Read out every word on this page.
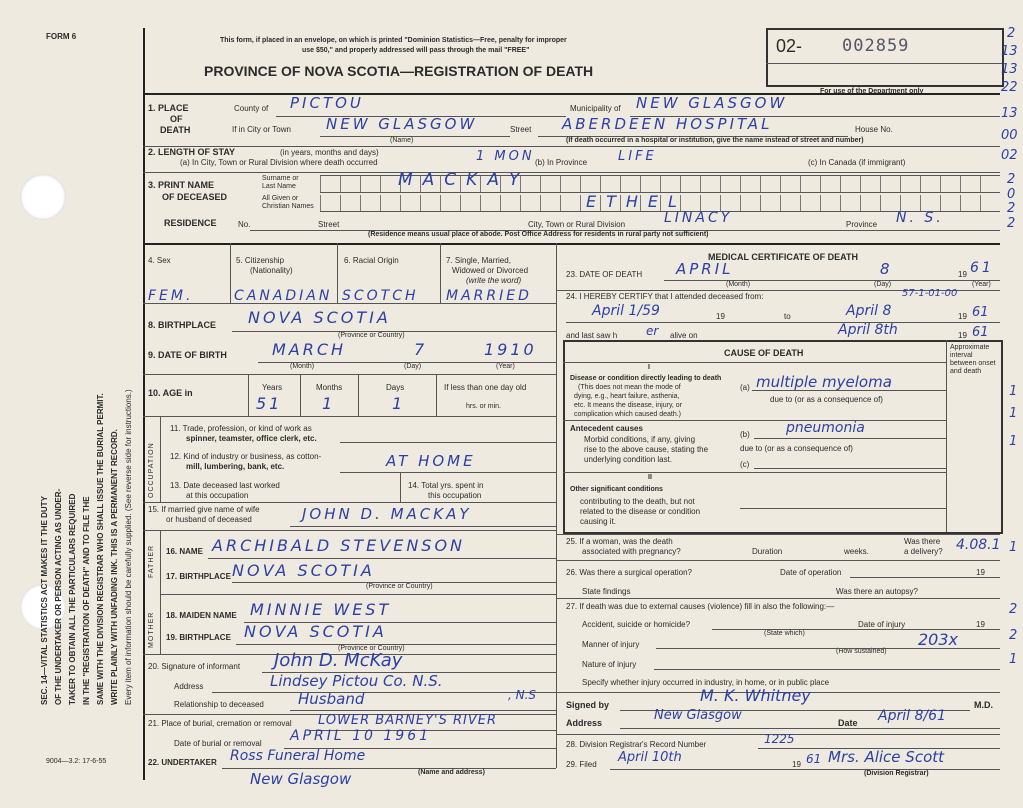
FORM 6	This form, if placed in an envelope, on which is printed "Dominion Statistics—Free, penalty for improper
use $50," and properly addressed will pass through the mail "FREE"
PROVINCE OF NOVA SCOTIA—REGISTRATION OF DEATH
02- 002859
For use of the Department only
2
13
13
22
13
00
02
2
0
2
2
1
1
1
1
2
2
1
SEC. 14—VITAL STATISTICS ACT MAKES IT THE DUTY OF THE UNDERTAKER OR PERSON ACTING AS UNDER- TAKER TO OBTAIN ALL THE PARTICULARS REQUIRED IN THE "REGISTRATION OF DEATH" AND TO FILE THE SAME WITH THE DIVISION REGISTRAR WHO SHALL ISSUE THE BURIAL PERMIT. WRITE PLAINLY WITH UNFADING INK. THIS IS A PERMANENT RECORD. Every item of information should be carefully supplied. (See reverse side for instructions.)
1. PLACE
OF
DEATH
County of PICTOU	Municipality of NEW GLASGOW
If in City or Town NEW GLASGOW
(Name)
Street ABERDEEN HOSPITAL	House No.
(If death occurred in a hospital or institution, give the name instead of street and number)
2. LENGTH OF STAY	(in years, months and days)
(a) In City, Town or Rural Division where death occurred	1 MON (b) In Province LIFE	(c) In Canada (if immigrant)
3. PRINT NAME
OF DECEASED
Surname or
Last Name
All Given or
Christian Names
MACKAY
ETHEL
RESIDENCE	No.	Street	City, Town or Rural Division	LINACY	Province N. S.
(Residence means usual place of abode. Post Office Address for residents in rural party not sufficient)
4. Sex	5. Citizenship
(Nationality)
6. Racial Origin	7. Single, Married,
Widowed or Divorced
(write the word)
FEM.	CANADIAN SCOTCH MARRIED
8. BIRTHPLACE NOVA SCOTIA
(Province or Country)
9. DATE OF BIRTH	MARCH	7	1910
(Month)	(Day)	(Year)
10. AGE in
Years	Months	Days	If less than one day old
hrs. or min.
51 1	1
OCCUPATION
11. Trade, profession, or kind of work as
spinner, teamster, office clerk, etc.
12. Kind of industry or business, as cotton-
mill, lumbering, bank, etc.	AT HOME
13. Date deceased last worked
at this occupation
14. Total yrs. spent in
this occupation
15. If married give name of wife
or husband of deceased	JOHN D. MACKAY
FATHER
MOTHER
16. NAME ARCHIBALD STEVENSON
17. BIRTHPLACE NOVA SCOTIA
(Province or Country)
18. MAIDEN NAME MINNIE WEST
19. BIRTHPLACE NOVA SCOTIA
(Province or Country)
20. Signature of informant John D. McKay
Address	Lindsey Pictou Co. N.S.
Relationship to deceased Husband	, N.S
21. Place of burial, cremation or removal LOWER BARNEY'S RIVER
Date of burial or removal APRIL 10 1961
22. UNDERTAKER Ross Funeral Home
New Glasgow	(Name and address)
9004—3.2: 17-6-55
MEDICAL CERTIFICATE OF DEATH
23. DATE OF DEATH APRIL	8	19 61
(Month)	(Day)	(Year)
24. I HEREBY CERTIFY that I attended deceased from:	57-1-01-00
April 1/59	19	to	April 8	19 61
and last saw h er alive on	April 8th	19 61
CAUSE OF DEATH
Approximate interval between onset and death
I
Disease or condition directly leading to death
(This does not mean the mode of
dying, e.g., heart failure, asthenia,
etc. It means the disease, injury, or
complication which caused death.)
(a) multiple myeloma
due to (or as a consequence of)
Antecedent causes
Morbid conditions, if any, giving
rise to the above cause, stating the
underlying condition last.
(b)	pneumonia
due to (or as a consequence of)
(c)
II
Other significant conditions
contributing to the death, but not
related to the disease or condition
causing it.
25. If a woman, was the death
associated with pregnancy?	Duration	weeks.
Was there
a delivery? 4.08.1
26. Was there a surgical operation?	Date of operation	19
State findings	Was there an autopsy?
27. If death was due to external causes (violence) fill in also the following:—
Accident, suicide or homicide?
(State which)
Date of injury	19
Manner of injury
(How sustained)
203x
Nature of injury
Specify whether injury occurred in industry, in home, or in public place
Signed by	M. K. Whitney	M.D.
Address	New Glasgow	Date April 8/61
28. Division Registrar's Record Number	1225
29. Filed April 10th	19 61 Mrs. Alice Scott
(Division Registrar)
